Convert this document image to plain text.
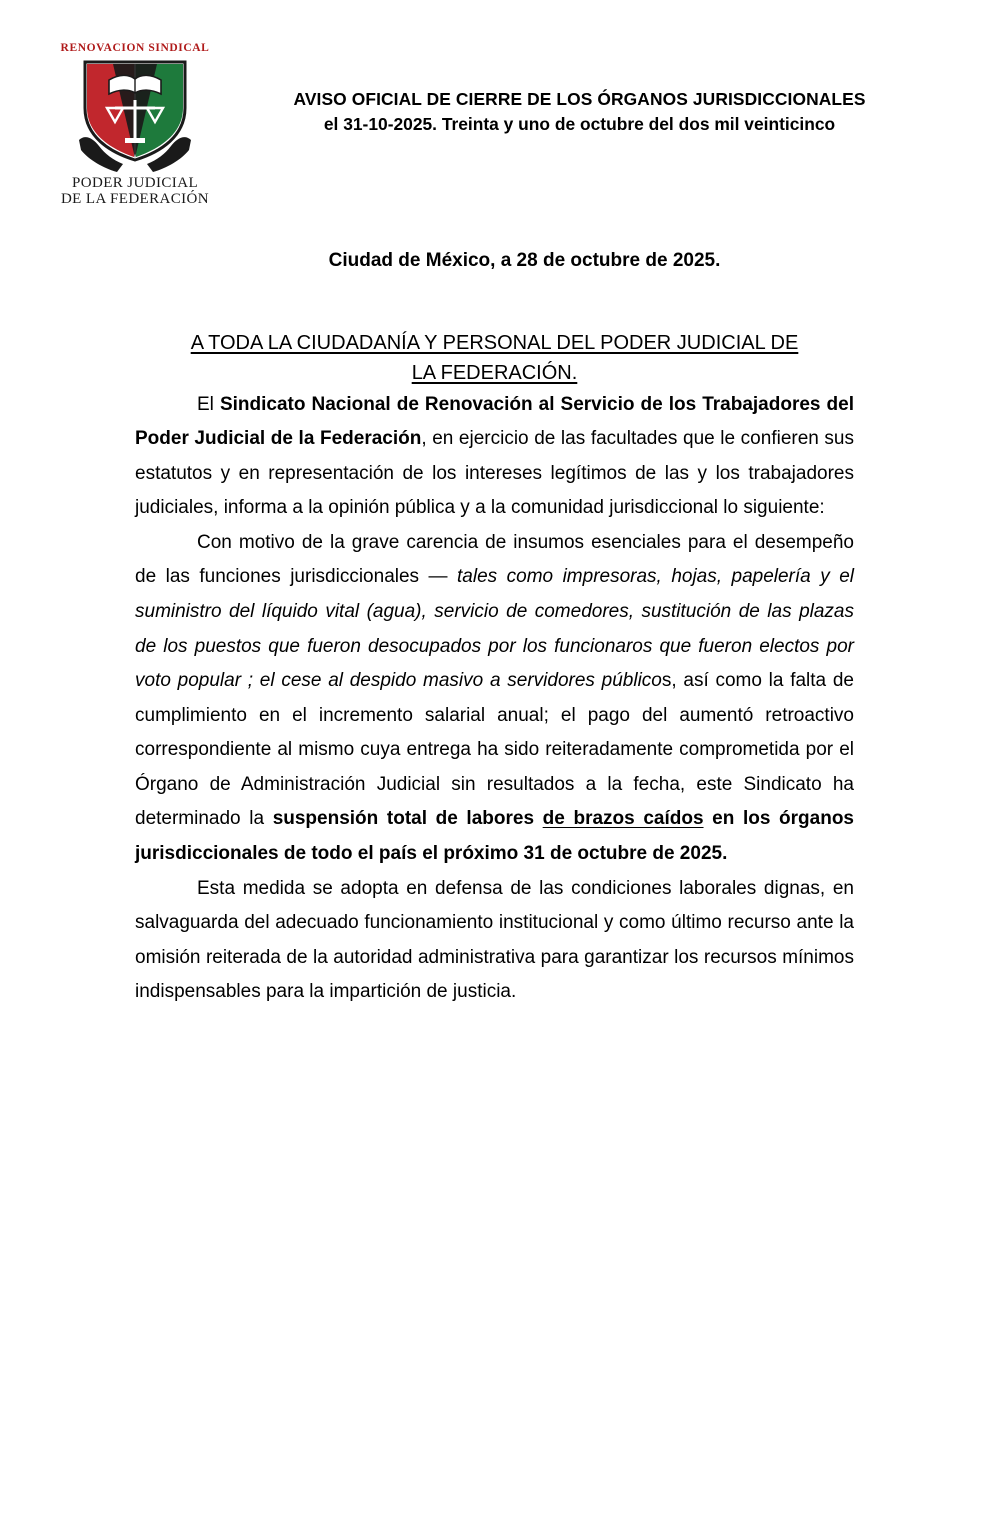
RENOVACION SINDICAL
PODER JUDICIAL
DE LA FEDERACIÓN
AVISO OFICIAL DE CIERRE DE LOS ÓRGANOS JURISDICCIONALES
el 31-10-2025. Treinta y uno de octubre del dos mil veinticinco
Ciudad de México, a 28 de octubre de 2025.
A TODA LA CIUDADANÍA Y PERSONAL DEL PODER JUDICIAL DE
LA FEDERACIÓN.

El Sindicato Nacional de Renovación al Servicio de los Trabajadores del Poder Judicial de la Federación, en ejercicio de las facultades que le confieren sus estatutos y en representación de los intereses legítimos de las y los trabajadores judiciales, informa a la opinión pública y a la comunidad jurisdiccional lo siguiente:

Con motivo de la grave carencia de insumos esenciales para el desempeño de las funciones jurisdiccionales — tales como impresoras, hojas, papelería y el suministro del líquido vital (agua), servicio de comedores, sustitución de las plazas de los puestos que fueron desocupados por los funcionaros que fueron electos por voto popular ; el cese al despido masivo a servidores públicos, así como la falta de cumplimiento en el incremento salarial anual; el pago del aumentó retroactivo correspondiente al mismo cuya entrega ha sido reiteradamente comprometida por el Órgano de Administración Judicial sin resultados a la fecha, este Sindicato ha determinado la suspensión total de labores de brazos caídos en los órganos jurisdiccionales de todo el país el próximo 31 de octubre de 2025.

Esta medida se adopta en defensa de las condiciones laborales dignas, en salvaguarda del adecuado funcionamiento institucional y como último recurso ante la omisión reiterada de la autoridad administrativa para garantizar los recursos mínimos indispensables para la impartición de justicia.
